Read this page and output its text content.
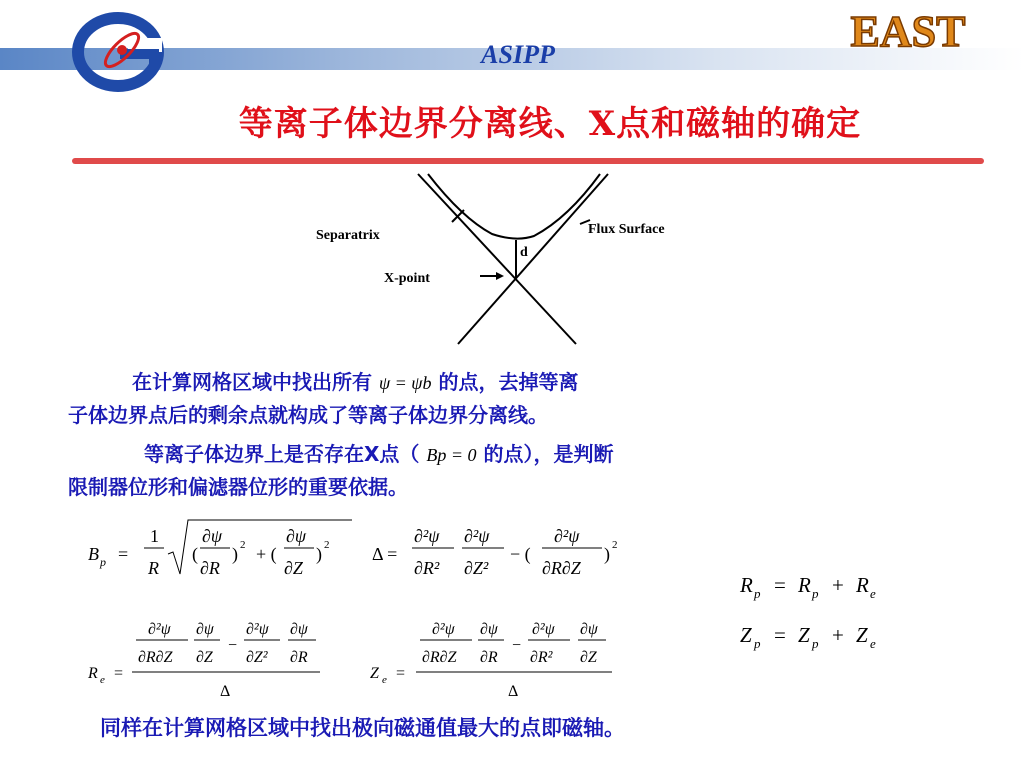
EAST
ASIPP
等离子体边界分离线、X点和磁轴的确定
Separatrix
X-point
Flux Surface
d
在计算网格区域中找出所有 ψ = ψb 的点，去掉等离
子体边界点后的剩余点就构成了等离子体边界分离线。
等离子体边界上是否存在X点（ Bp = 0 的点），是判断
限制器位形和偏滤器位形的重要依据。
B p =
1
R
(
∂ψ
∂R
) 2 + (
∂ψ
∂Z
) 2 Δ =
∂²ψ
∂R²
∂²ψ
∂Z²
− (
∂²ψ
∂R∂Z
) 2
R p = R p + R e
Z p = Z p + Z e
R e =
∂²ψ
∂R∂Z
∂ψ
∂Z
−
∂²ψ
∂Z²
∂ψ
∂R
Δ
Z e =
∂²ψ
∂R∂Z
∂ψ
∂R
−
∂²ψ
∂R²
∂ψ
∂Z
Δ
同样在计算网格区域中找出极向磁通值最大的点即磁轴。
